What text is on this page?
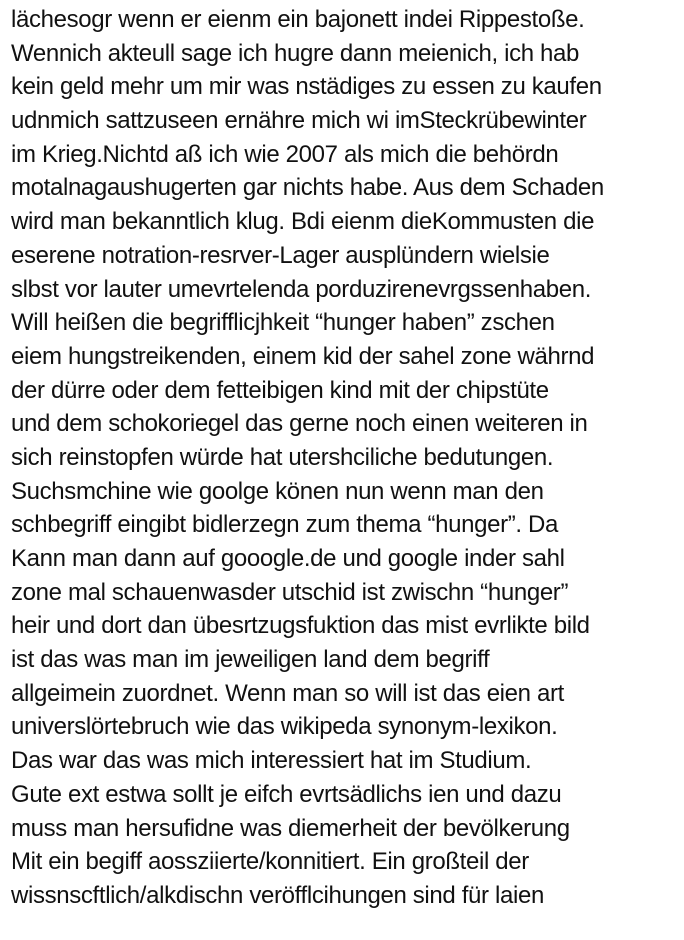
lächesogr wenn er eienm ein bajonett indei Rippestoße.
Wennich akteull sage ich hugre dann meienich, ich hab
kein geld mehr um mir was nstädiges zu essen zu kaufen
udnmich sattzuseen ernähre mich wi imSteckrübewinter
im Krieg.Nichtd aß ich wie 2007 als mich die behördn
motalnagaushugerten gar nichts habe. Aus dem Schaden
wird man bekanntlich klug. Bdi eienm dieKommusten die
eserene notration-resrver-Lager ausplündern wielsie
slbst vor lauter umevrtelenda porduzirenevrgssenhaben.
Will heißen die begrifflicjhkeit “hunger haben” zschen
eiem hungstreikenden, einem kid der sahel zone währnd
der dürre oder dem fetteibigen kind mit der chipstüte
und dem schokoriegel das gerne noch einen weiteren in
sich reinstopfen würde hat utershciliche bedutungen.
Suchsmchine wie goolge könen nun wenn man den
schbegriff eingibt bidlerzegn zum thema “hunger”. Da
Kann man dann auf gooogle.de und google inder sahl
zone mal schauenwasder utschid ist zwischn “hunger”
heir und dort dan übesrtzugsfuktion das mist evrlikte bild
ist das was man im jeweiligen land dem begriff
allgeimein zuordnet. Wenn man so will ist das eien art
universlörtebruch wie das wikipeda synonym-lexikon.
Das war das was mich interessiert hat im Studium.
Gute ext estwa sollt je eifch evrtsädlichs ien und dazu
muss man hersufidne was diemerheit der bevölkerung
Mit ein begiff aossziierte/konnitiert. Ein großteil der
wissnscftlich/alkdischn veröfflcihungen sind für laien
